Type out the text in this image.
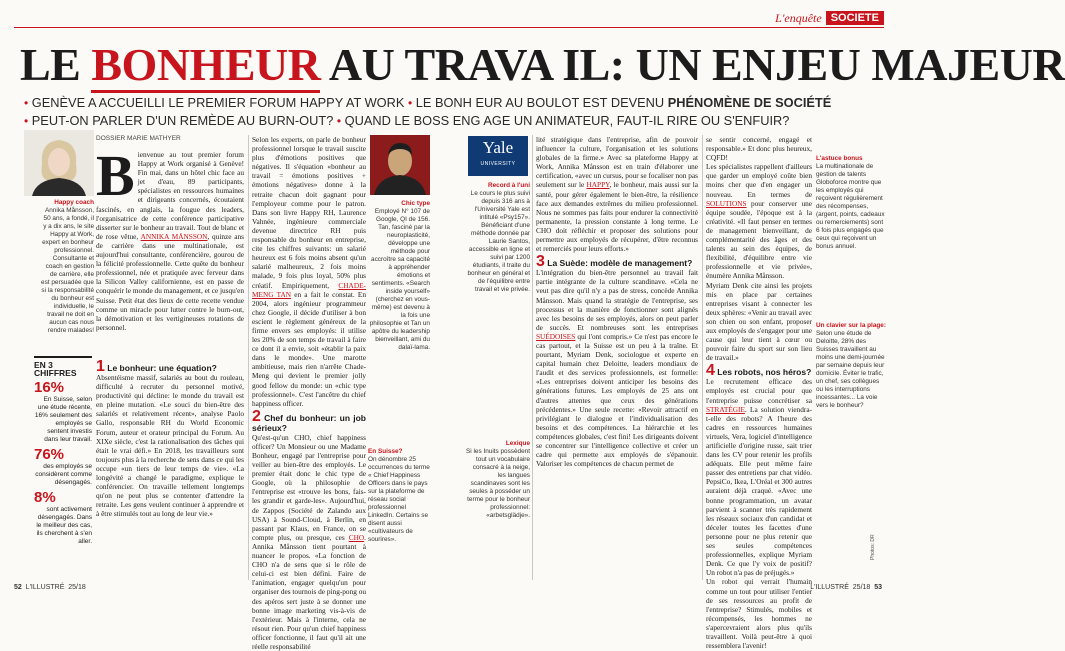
L'enquête SOCIETE
LE BONHEUR AU TRAVA IL: UN ENJEU MAJEUR
• GENÈVE A ACCUEILLI LE PREMIER FORUM HAPPY AT WORK • LE BONH EUR AU BOULOT EST DEVENU PHÉNOMÈNE DE SOCIÉTÉ
• PEUT-ON PARLER D'UN REMÈDE AU BURN-OUT? • QUAND LE BOSS ENG AGE UN ANIMATEUR, FAUT-IL RIRE OU S'ENFUIR?
Happy coach
Annika Månsson, 50 ans, a fondé, il y a dix ans, le site Happy at Work, expert en bonheur professionnel. Consultante et coach en gestion de carrière, elle est persuadée que si la responsabilité du bonheur est individuelle, le travail ne doit en aucun cas nous rendre malades!
DOSSIER MARIE MATHYER
Bienvenue au tout premier forum Happy at Work organisé à Genève! Fin mai, dans un hôtel chic face au jet d'eau, 89 participants, spécialistes en ressources humaines et dirigeants concernés, écoutaient fascinés, en anglais, la fougue des leaders, l'organisatrice de cette conférence participative disserter sur le bonheur au travail. Tout de blanc et de rose vêtue, ANNIKA MÅNSSON, quinze ans de carrière dans une multinationale, est aujourd'hui consultante, conférencière, gourou de la félicité professionnelle. Cette quête du bonheur professionnel, née et pratiquée avec ferveur dans la Silicon Valley californienne, est en passe de conquérir le monde du management, et ce jusqu'en Suisse. Petit état des lieux de cette recette vendue comme un miracle pour lutter contre le burn-out, la démotivation et les vertigineuses rotations de personnel.
EN 3 CHIFFRES
16%
En Suisse, selon une étude récente, 16% seulement des employés se sentent investis dans leur travail.
76%
des employés se considèrent comme désengagés.
8%
sont activement désengagés. Dans le meilleur des cas, ils cherchent à s'en aller.
1 Le bonheur: une équation?
Absentéisme massif, salariés au bout du rouleau, difficulté à recruter du personnel motivé, productivité qui décline: le monde du travail est en pleine mutation. «Le souci du bien-être des salariés et relativement récent», analyse Paolo Gallo, responsable RH du World Economic Forum, auteur et orateur principal du Forum. Au XIXe siècle, c'est la rationalisation des tâches qui était le vrai défi.» En 2018, les travailleurs sont toujours plus à la recherche de sens dans ce qui les occupe «un tiers de leur temps de vie». «La longévité a changé le paradigme, explique le conférencier. On travaille tellement longtemps qu'on ne peut plus se contenter d'attendre la retraite. Les gens veulent continuer à apprendre et à être stimulés tout au long de leur vie.»
Selon les experts, on parle de bonheur professionnel lorsque le travail suscite plus d'émotions positives que négatives. Il s'équation «bonheur au travail = émotions positives + émotions négatives» donne à la retraite chacun doit gagnant pour l'employeur comme pour le patron. Dans son livre Happy RH, Laurence Vahnée, ingénieure commerciale devenue directrice RH puis responsable du bonheur en entreprise, cite les chiffres suivants: un salarié heureux est 6 fois moins absent qu'un salarié malheureux, 2 fois moins malade, 9 fois plus loyal, 50% plus créatif. Empiriquement, CHADE-MENG TAN en a fait le constat. En 2004, alors ingénieur programmeur chez Google, il décide d'utiliser à bon escient le règlement généreux de la firme envers ses employés: il utilise les 20% de son temps de travail à faire ce dont il a envie, soit «établir la paix dans le monde». Une marotte ambitieuse, mais rien n'arrête Chade-Meng qui devient le premier jolly good fellow du monde: un «chic type professionnel». C'est l'ancêtre du chief happiness officer.
2 Chef du bonheur: un job sérieux?
Qu'est-qu'un CHO, chief happiness officer? Un Monsieur ou une Madame Bonheur, engagé par l'entreprise pour veiller au bien-être des employés. Le premier était donc le chic type de Google, où la philosophie de l'entreprise est «trouve les bons, fais-les grandir et garde-les». Aujourd'hui, de Zappos (Société de Zalando aux USA) à Sound-Cloud, à Berlin, en passant par Klaus, en France, on se compte plus, ou presque, ces CHO. Annika Månsson tient pourtant à nuancer le propos. «La fonction de CHO n'a de sens que si le rôle de celui-ci est bien défini. Faire de l'animation, engager quelqu'un pour organiser des tournois de ping-pong ou des apéros sert juste à se donner une bonne image marketing vis-à-vis de l'extérieur. Mais à l'interne, cela ne résout rien. Pour qu'un chief happiness officer fonctionne, il faut qu'il ait une réelle responsabilité
Chic type
Employé N° 107 de Google, QI de 156. Tan, fasciné par la neuroplasticité, développe une méthode pour accroître sa capacité à appréhender émotions et sentiments. «Search inside yourself» (cherchez en vous-même) est devenu à la fois une philosophie et Tan un apôtre du leadership bienveillant, ami du dalaï-lama.
En Suisse?
On dénombre 25 occurrences du terme « Chief Happiness Officers dans le pays sur la plateforme de réseau social professionnel LinkedIn. Certains se disent aussi «cultivateurs de sourires».
Yale
UNIVERSITY
Record à l'uni
Le cours le plus suivi depuis 316 ans à l'Université Yale est intitulé «Psy157». Bénéficiant d'une méthode donnée par Laurie Santos, accessible en ligne et suivi par 1200 étudiants, il traite du bonheur en général et de l'équilibre entre travail et vie privée.
Lexique
Si les Inuits possèdent tout un vocabulaire consacré à la neige, les langues scandinaves sont les seules à posséder un terme pour le bonheur professionnel: «arbetsglädje».
lité stratégique dans l'entreprise, afin de pouvoir influencer la culture, l'organisation et les solutions globales de la firme.» Avec sa plateforme Happy at Work, Annika Månsson est en train d'élaborer une certification, «avec un cursus, pour se focaliser non pas seulement sur le HAPPY, le bonheur, mais aussi sur la santé, pour gérer également le bien-être, la résilience face aux demandes extrêmes du milieu professionnel. Nous ne sommes pas faits pour endurer la connectivité permanente, la pression constante à long terme. Le CHO doit réfléchir et proposer des solutions pour permettre aux employés de récupérer, d'être reconnus et remerciés pour leurs efforts.»
3 La Suède: modèle de management?
L'intégration du bien-être personnel au travail fait partie intégrante de la culture scandinave. «Cela ne veut pas dire qu'il n'y a pas de stress, concède Annika Månsson. Mais quand la stratégie de l'entreprise, ses processus et la manière de fonctionner sont alignés avec les besoins de ses employés, alors on peut parler de succès. Et nombreuses sont les entreprises SUÉDOISES qui l'ont compris.» Ce n'est pas encore le cas partout, et la Suisse est un peu à la traîne. Et pourtant, Myriam Denk, sociologue et experte en capital humain chez Deloitte, leaders mondiaux de l'audit et des services professionnels, est formelle: «Les entreprises doivent anticiper les besoins des générations futures. Les employés de 25 ans ont d'autres attentes que ceux des générations précédentes.» Une seule recette: «Revoir attractif en privilégiant le dialogue et l'individualisation des besoins et des compétences. La hiérarchie et les compétences globales, c'est fini! Les dirigeants doivent se concentrer sur l'intelligence collective et créer un cadre qui permette aux employés de s'épanouir. Valoriser les compétences de chacun permet de
se sentir concerné, engagé et responsable.» Et donc plus heureux, CQFD!
Les spécialistes rappellent d'ailleurs que garder un employé coûte bien moins cher que d'en engager un nouveau. En termes de SOLUTIONS pour conserver une équipe soudée, l'époque est à la créativité. «Il faut penser en termes de management bienveillant, de complémentarité des âges et des talents au sein des équipes, de flexibilité, d'équilibre entre vie professionnelle et vie privée», énumère Annika Månsson.
Myriam Denk cite ainsi les projets mis en place par certaines entreprises visant à connecter les deux sphères: «Venir au travail avec son chien ou son enfant, proposer aux employés de s'engager pour une cause qui leur tient à cœur ou pouvoir faire du sport sur son lieu de travail.»
4 Les robots, nos héros?
Le recrutement efficace des employés est crucial pour que l'entreprise puisse concrétiser sa STRATÉGIE. La solution viendra-t-elle des robots? A l'heure des cadres en ressources humaines virtuels, Vera, logiciel d'intelligence artificielle d'origine russe, sait trier dans les CV pour retenir les profils adéquats. Elle peut même faire passer des entretiens par chat vidéo. PepsiCo, Ikea, L'Oréal et 300 autres auraient déjà craqué. «Avec une bonne programmation, un avatar parvient à scanner très rapidement les réseaux sociaux d'un candidat et déceler toutes les facettes d'une personne pour ne plus retenir que ses seules compétences professionnelles, explique Myriam Denk. Ce que l'y voix de positif? Un robot n'a pas de préjugés.»
Un robot qui verrait l'humain comme un tout pour utiliser l'entier de ses ressources au profit de l'entreprise? Stimulés, mobiles et récompensés, les hommes ne s'apercevraient alors plus qu'ils travaillent. Voilà peut-être à quoi ressemblera l'avenir!
L'astuce bonus
La multinationale de gestion de talents Globoforce montre que les employés qui reçoivent régulièrement des récompenses, (argent, points, cadeaux ou remerciements) sont 6 fois plus engagés que ceux qui reçoivent un bonus annuel.
Un clavier sur la plage:
Selon une étude de Deloitte, 28% des Suisses travaillent au moins une demi-journée par semaine depuis leur domicile. Éviter le trafic, un chef, ses collègues ou les interruptions incessantes... La voie vers le bonheur?
Photos: DR
52 L'ILLUSTRÉ 25/18	L'ILLUSTRÉ 25/18 53
